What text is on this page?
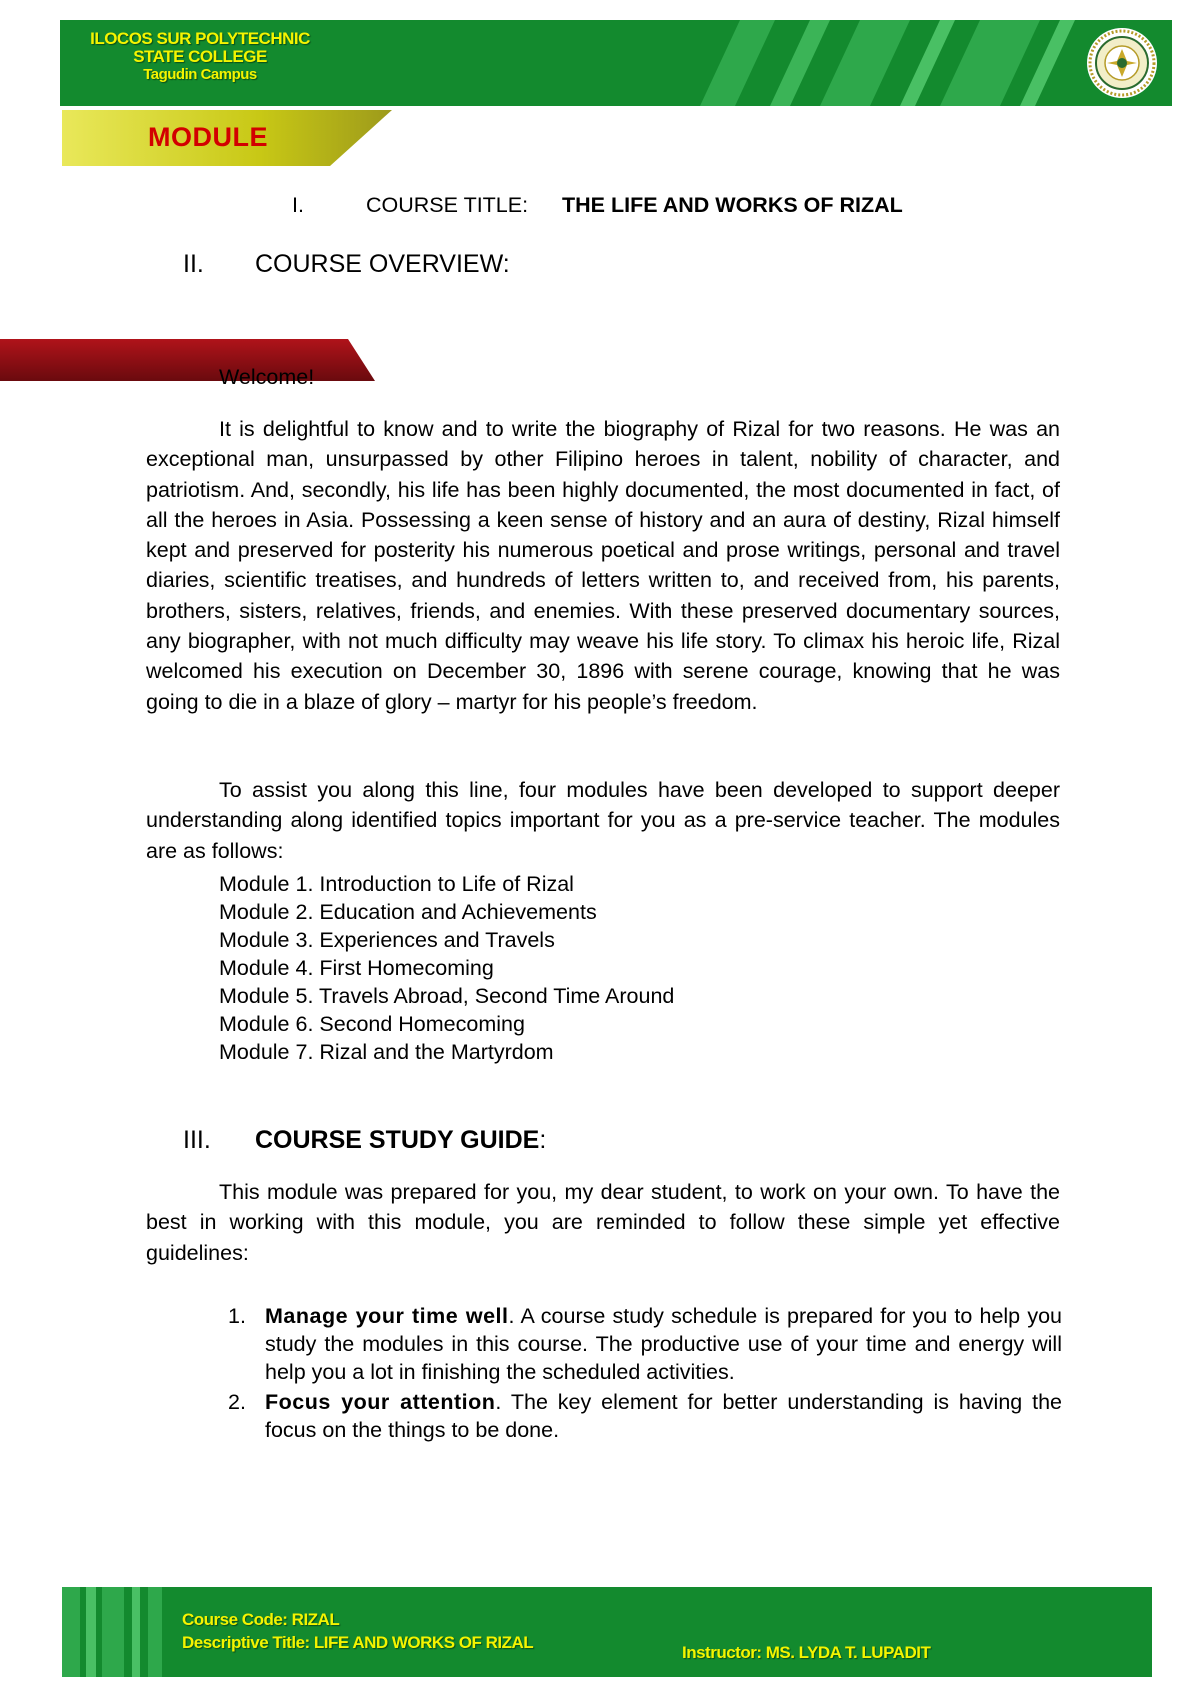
ILOCOS SUR POLYTECHNIC
STATE COLLEGE
Tagudin Campus
MODULE
I.	COURSE TITLE: THE LIFE AND WORKS OF RIZAL
II. COURSE OVERVIEW:
Welcome!
It is delightful to know and to write the biography of Rizal for two reasons. He was an exceptional man, unsurpassed by other Filipino heroes in talent, nobility of character, and patriotism. And, secondly, his life has been highly documented, the most documented in fact, of all the heroes in Asia. Possessing a keen sense of history and an aura of destiny, Rizal himself kept and preserved for posterity his numerous poetical and prose writings, personal and travel diaries, scientific treatises, and hundreds of letters written to, and received from, his parents, brothers, sisters, relatives, friends, and enemies. With these preserved documentary sources, any biographer, with not much difficulty may weave his life story. To climax his heroic life, Rizal welcomed his execution on December 30, 1896 with serene courage, knowing that he was going to die in a blaze of glory – martyr for his people’s freedom.
To assist you along this line, four modules have been developed to support deeper understanding along identified topics important for you as a pre-service teacher. The modules are as follows:
Module 1. Introduction to Life of Rizal
Module 2. Education and Achievements
Module 3. Experiences and Travels
Module 4. First Homecoming
Module 5. Travels Abroad, Second Time Around
Module 6. Second Homecoming
Module 7. Rizal and the Martyrdom
III. COURSE STUDY GUIDE:
This module was prepared for you, my dear student, to work on your own. To have the best in working with this module, you are reminded to follow these simple yet effective guidelines:
1. Manage your time well. A course study schedule is prepared for you to help you study the modules in this course. The productive use of your time and energy will help you a lot in finishing the scheduled activities.
2. Focus your attention. The key element for better understanding is having the focus on the things to be done.
Course Code: RIZAL
Descriptive Title: LIFE AND WORKS OF RIZAL
Instructor: MS. LYDA T. LUPADIT
